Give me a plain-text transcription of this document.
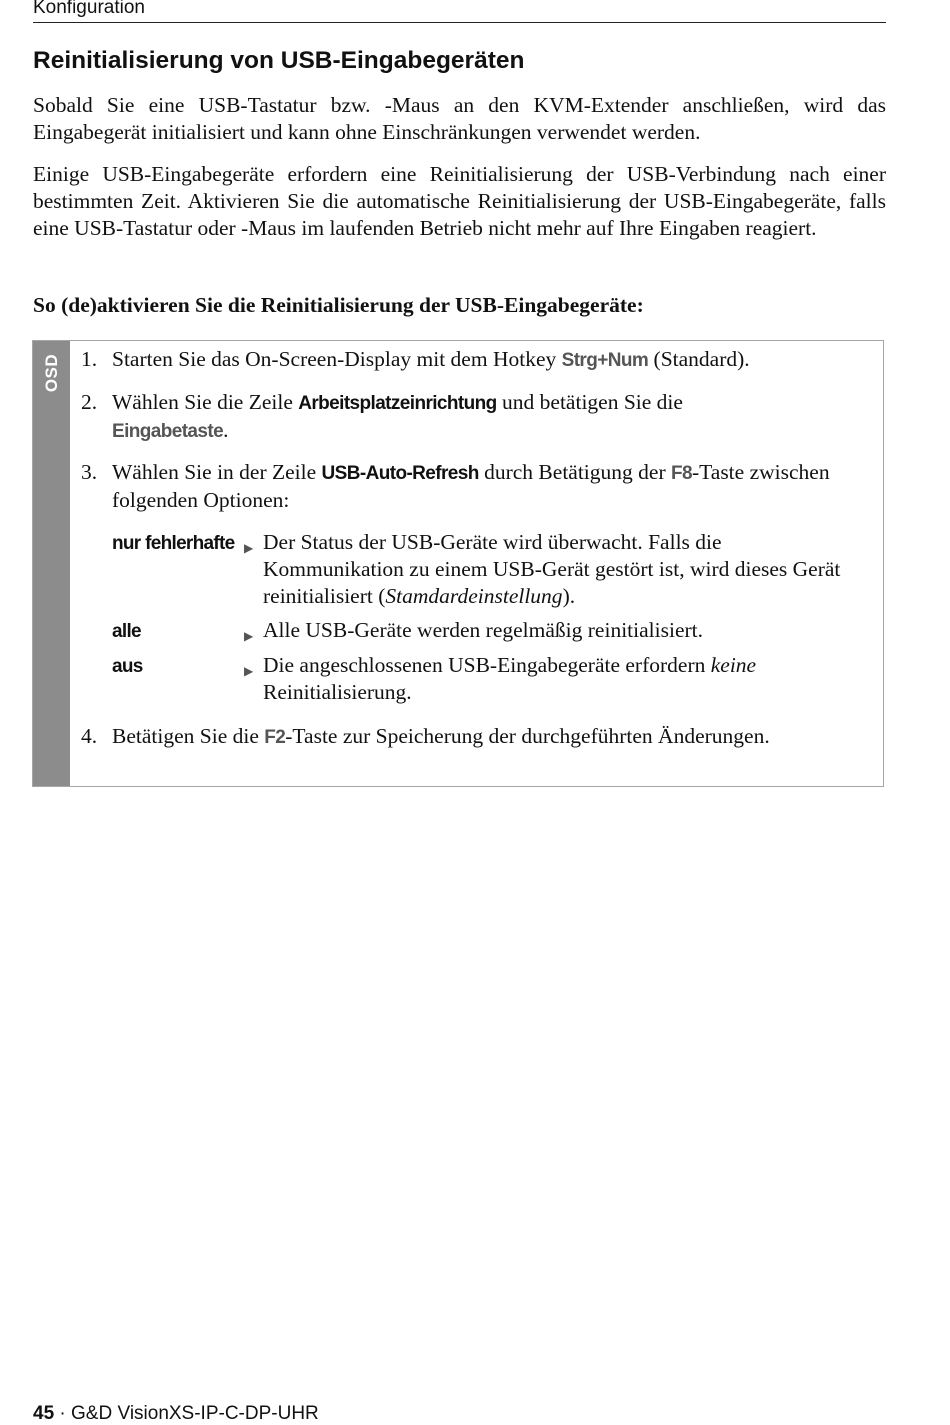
Konfiguration
Reinitialisierung von USB-Eingabegeräten

Sobald Sie eine USB-Tastatur bzw. -Maus an den KVM-Extender anschließen, wird das Eingabegerät initialisiert und kann ohne Einschränkungen verwendet werden.

Einige USB-Eingabegeräte erfordern eine Reinitialisierung der USB-Verbindung nach einer bestimmten Zeit. Aktivieren Sie die automatische Reinitialisierung der USB-Eingabegeräte, falls eine USB-Tastatur oder -Maus im laufenden Betrieb nicht mehr auf Ihre Eingaben reagiert.

So (de)aktivieren Sie die Reinitialisierung der USB-Eingabegeräte:

OSD 1. Starten Sie das On-Screen-Display mit dem Hotkey Strg+Num (Standard).
2. Wählen Sie die Zeile Arbeitsplatzeinrichtung und betätigen Sie die
Eingabetaste.
3. Wählen Sie in der Zeile USB-Auto-Refresh durch Betätigung der F8-Taste zwischen folgenden Optionen:
nur fehlerhafte ▶ Der Status der USB-Geräte wird überwacht. Falls die Kommunikation zu einem USB-Gerät gestört ist, wird dieses Gerät reinitialisiert (Stamdardeinstellung).
alle	▶ Alle USB-Geräte werden regelmäßig reinitialisiert.
aus	▶ Die angeschlossenen USB-Eingabegeräte erfordern keine Reinitialisierung.
4. Betätigen Sie die F2-Taste zur Speicherung der durchgeführten Änderungen.
45 · G&D VisionXS-IP-C-DP-UHR
